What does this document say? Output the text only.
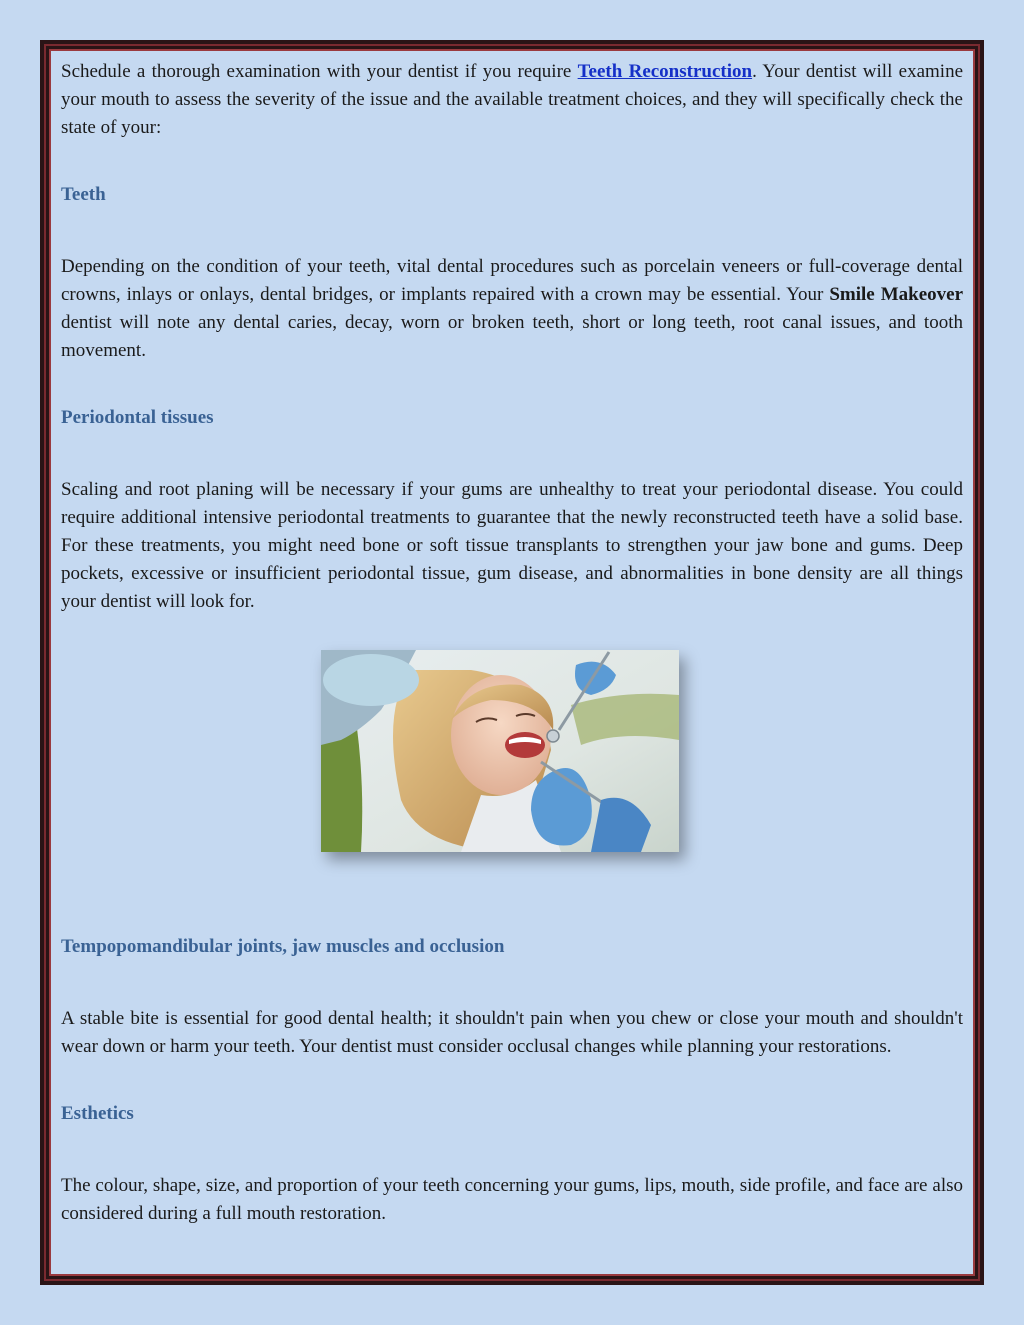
Schedule a thorough examination with your dentist if you require Teeth Reconstruction. Your dentist will examine your mouth to assess the severity of the issue and the available treatment choices, and they will specifically check the state of your:

Teeth

Depending on the condition of your teeth, vital dental procedures such as porcelain veneers or full-coverage dental crowns, inlays or onlays, dental bridges, or implants repaired with a crown may be essential. Your Smile Makeover dentist will note any dental caries, decay, worn or broken teeth, short or long teeth, root canal issues, and tooth movement.

Periodontal tissues

Scaling and root planing will be necessary if your gums are unhealthy to treat your periodontal disease. You could require additional intensive periodontal treatments to guarantee that the newly reconstructed teeth have a solid base. For these treatments, you might need bone or soft tissue transplants to strengthen your jaw bone and gums. Deep pockets, excessive or insufficient periodontal tissue, gum disease, and abnormalities in bone density are all things your dentist will look for.

Tempopomandibular joints, jaw muscles and occlusion

A stable bite is essential for good dental health; it shouldn't pain when you chew or close your mouth and shouldn't wear down or harm your teeth. Your dentist must consider occlusal changes while planning your restorations.

Esthetics

The colour, shape, size, and proportion of your teeth concerning your gums, lips, mouth, side profile, and face are also considered during a full mouth restoration.
